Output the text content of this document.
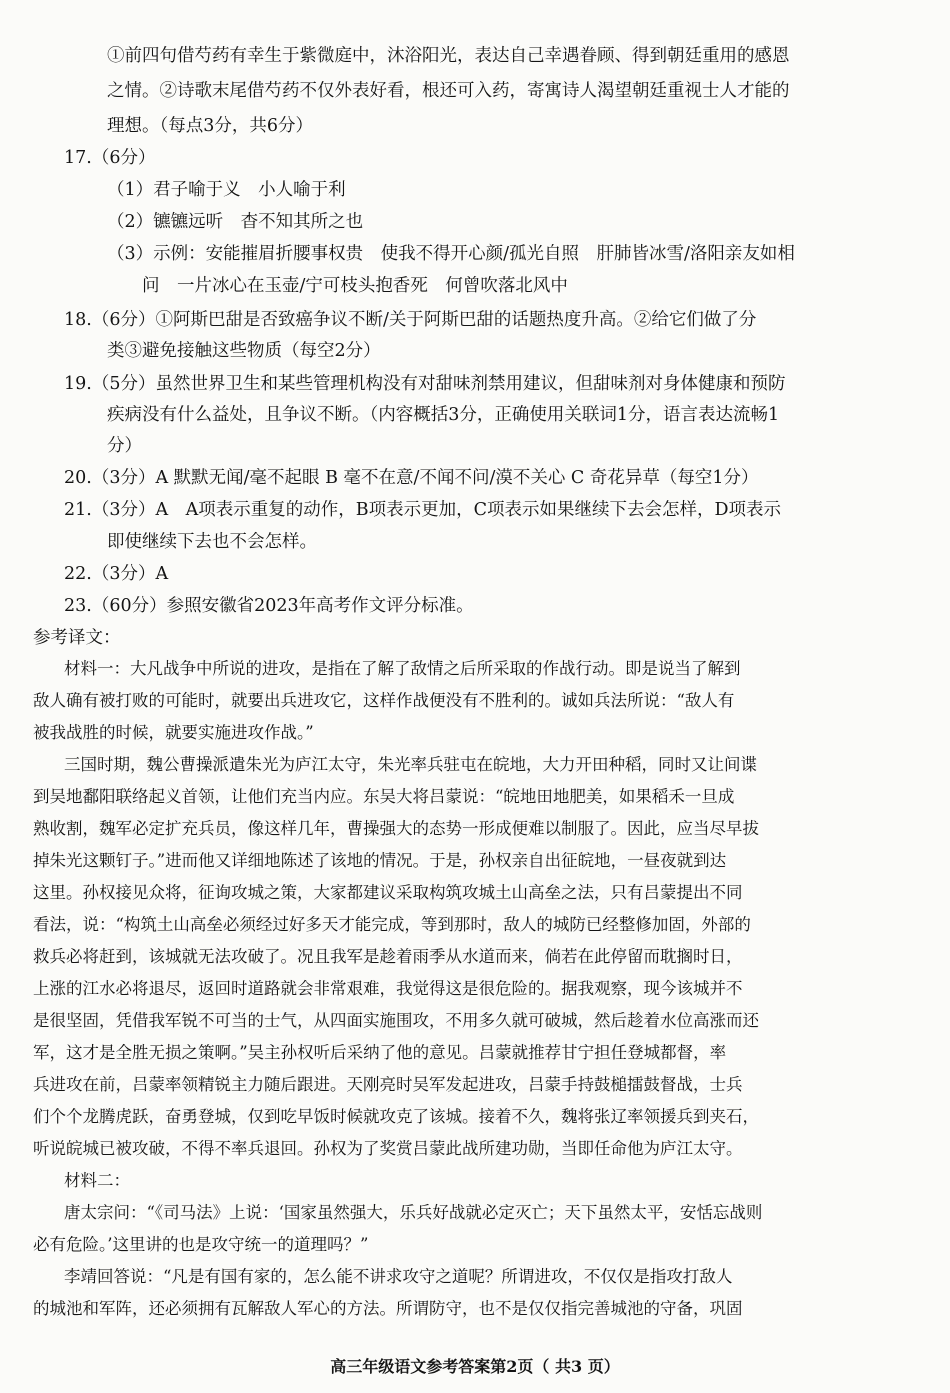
①前四句借芍药有幸生于紫微庭中，沐浴阳光，表达自己幸遇眷顾、得到朝廷重用的感恩
之情。②诗歌末尾借芍药不仅外表好看，根还可入药，寄寓诗人渴望朝廷重视士人才能的
理想。（每点3分，共6分）
17.（6分）
（1）君子喻于义　小人喻于利
（2）镳镳远听　杳不知其所之也
（3）示例：安能摧眉折腰事权贵　使我不得开心颜/孤光自照　肝肺皆冰雪/洛阳亲友如相
问　一片冰心在玉壶/宁可枝头抱香死　何曾吹落北风中
18.（6分）①阿斯巴甜是否致癌争议不断/关于阿斯巴甜的话题热度升高。②给它们做了分
类③避免接触这些物质（每空2分）
19.（5分）虽然世界卫生和某些管理机构没有对甜味剂禁用建议，但甜味剂对身体健康和预防
疾病没有什么益处，且争议不断。（内容概括3分，正确使用关联词1分，语言表达流畅1
分）
20.（3分）A 默默无闻/毫不起眼 B 毫不在意/不闻不问/漠不关心 C 奇花异草（每空1分）
21.（3分）A　A项表示重复的动作，B项表示更加，C项表示如果继续下去会怎样，D项表示
即使继续下去也不会怎样。
22.（3分）A
23.（60分）参照安徽省2023年高考作文评分标准。
参考译文：
材料一：大凡战争中所说的进攻，是指在了解了敌情之后所采取的作战行动。即是说当了解到
敌人确有被打败的可能时，就要出兵进攻它，这样作战便没有不胜利的。诚如兵法所说：“敌人有
被我战胜的时候，就要实施进攻作战。”
三国时期，魏公曹操派遣朱光为庐江太守，朱光率兵驻屯在皖地，大力开田种稻，同时又让间谍
到吴地鄱阳联络起义首领，让他们充当内应。东吴大将吕蒙说：“皖地田地肥美，如果稻禾一旦成
熟收割，魏军必定扩充兵员，像这样几年，曹操强大的态势一形成便难以制服了。因此，应当尽早拔
掉朱光这颗钉子。”进而他又详细地陈述了该地的情况。于是，孙权亲自出征皖地，一昼夜就到达
这里。孙权接见众将，征询攻城之策，大家都建议采取构筑攻城土山高垒之法，只有吕蒙提出不同
看法，说：“构筑土山高垒必须经过好多天才能完成，等到那时，敌人的城防已经整修加固，外部的
救兵必将赶到，该城就无法攻破了。况且我军是趁着雨季从水道而来，倘若在此停留而耽搁时日，
上涨的江水必将退尽，返回时道路就会非常艰难，我觉得这是很危险的。据我观察，现今该城并不
是很坚固，凭借我军锐不可当的士气，从四面实施围攻，不用多久就可破城，然后趁着水位高涨而还
军，这才是全胜无损之策啊。”吴主孙权听后采纳了他的意见。吕蒙就推荐甘宁担任登城都督，率
兵进攻在前，吕蒙率领精锐主力随后跟进。天刚亮时吴军发起进攻，吕蒙手持鼓槌擂鼓督战，士兵
们个个龙腾虎跃，奋勇登城，仅到吃早饭时候就攻克了该城。接着不久，魏将张辽率领援兵到夹石，
听说皖城已被攻破，不得不率兵退回。孙权为了奖赏吕蒙此战所建功勋，当即任命他为庐江太守。
材料二：
唐太宗问：“《司马法》上说：‘国家虽然强大，乐兵好战就必定灭亡；天下虽然太平，安恬忘战则
必有危险。’这里讲的也是攻守统一的道理吗？”
李靖回答说：“凡是有国有家的，怎么能不讲求攻守之道呢？所谓进攻，不仅仅是指攻打敌人
的城池和军阵，还必须拥有瓦解敌人军心的方法。所谓防守，也不是仅仅指完善城池的守备，巩固
高三年级语文参考答案第2页（ 共3 页）
